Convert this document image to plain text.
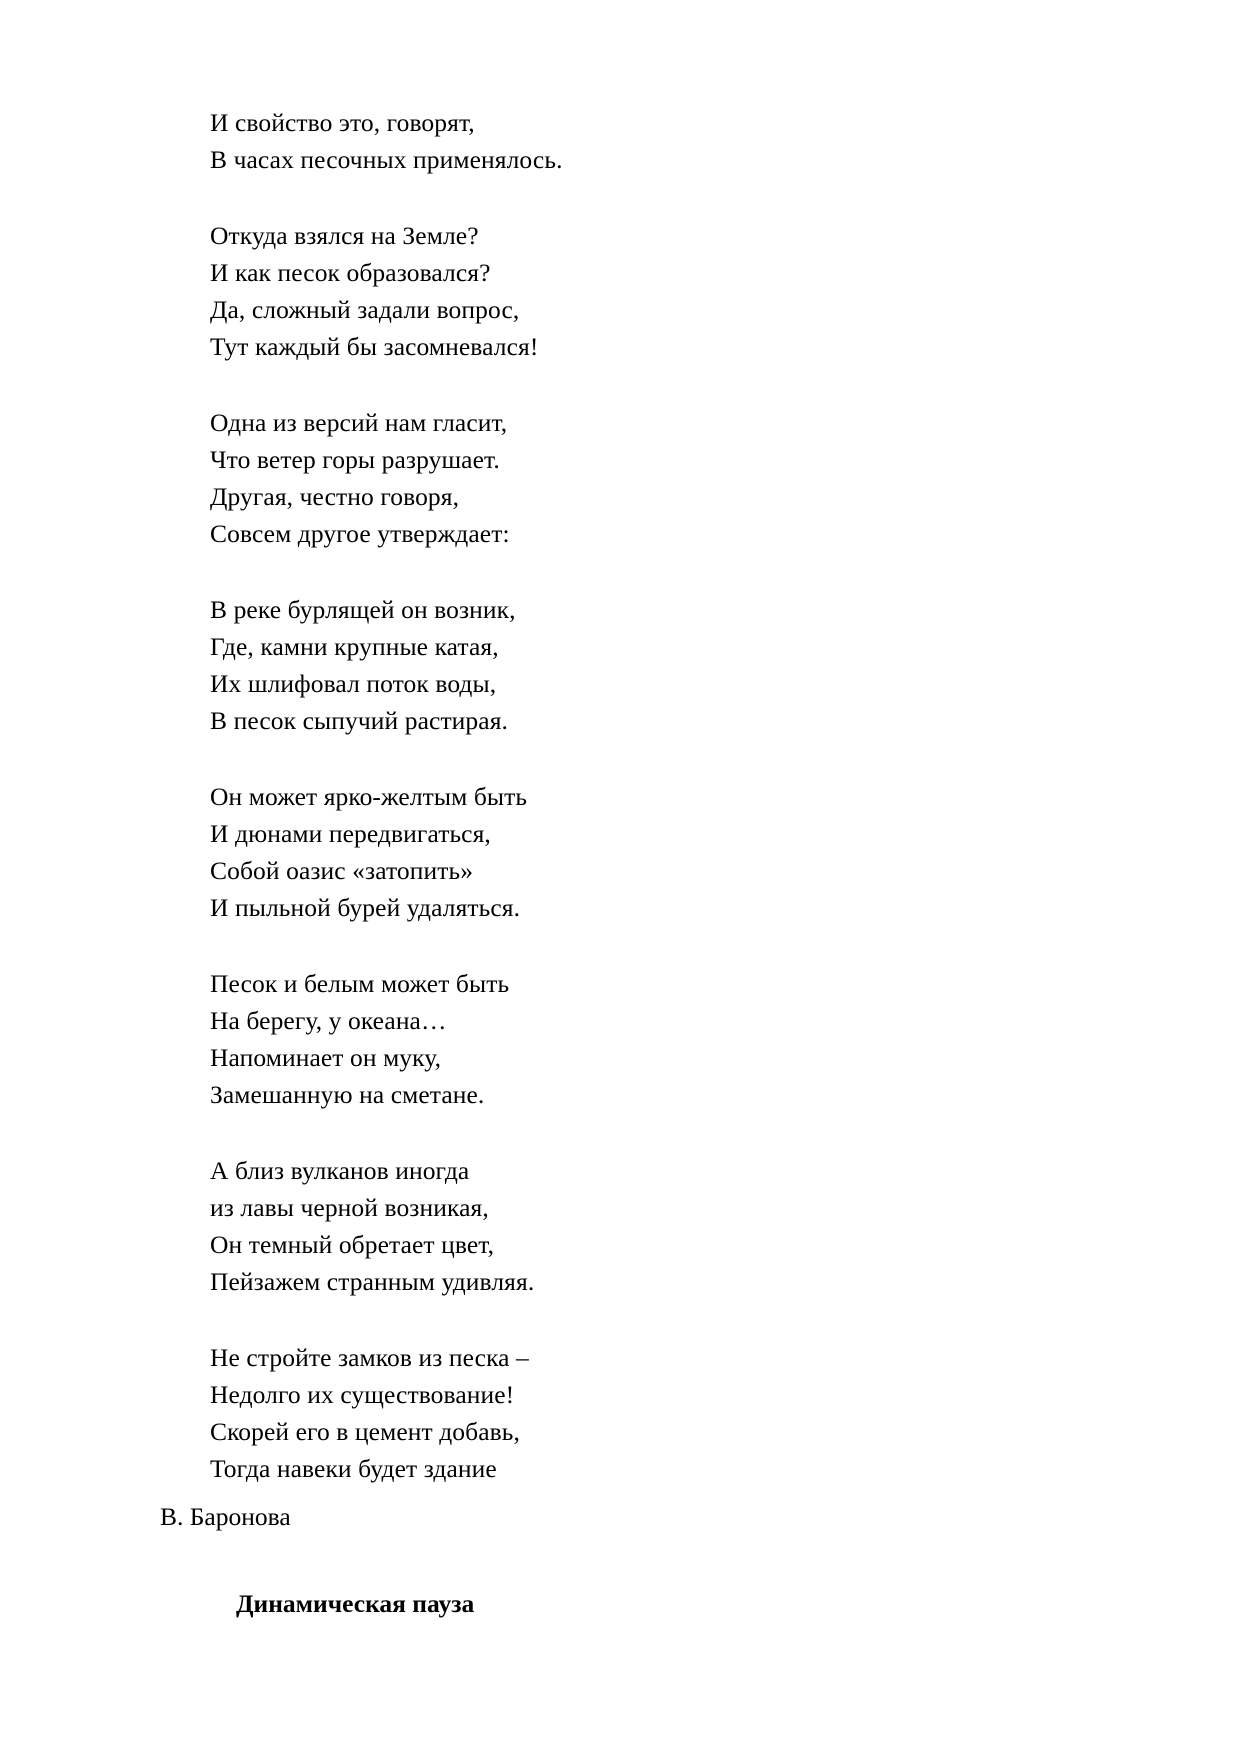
И свойство это, говорят,
В часах песочных применялось.
Откуда взялся на Земле?
И как песок образовался?
Да, сложный задали вопрос,
Тут каждый бы засомневался!
Одна из версий нам гласит,
Что ветер горы разрушает.
Другая, честно говоря,
Совсем другое утверждает:
В реке бурлящей он возник,
Где, камни крупные катая,
Их шлифовал поток воды,
В песок сыпучий растирая.
Он может ярко-желтым быть
И дюнами передвигаться,
Собой оазис «затопить»
И пыльной бурей удаляться.
Песок и белым может быть
На берегу, у океана…
Напоминает он муку,
Замешанную на сметане.
А близ вулканов иногда
из лавы черной возникая,
Он темный обретает цвет,
Пейзажем странным удивляя.
Не стройте замков из песка –
Недолго их существование!
Скорей его в цемент добавь,
Тогда навеки будет здание
В. Баронова
Динамическая пауза
